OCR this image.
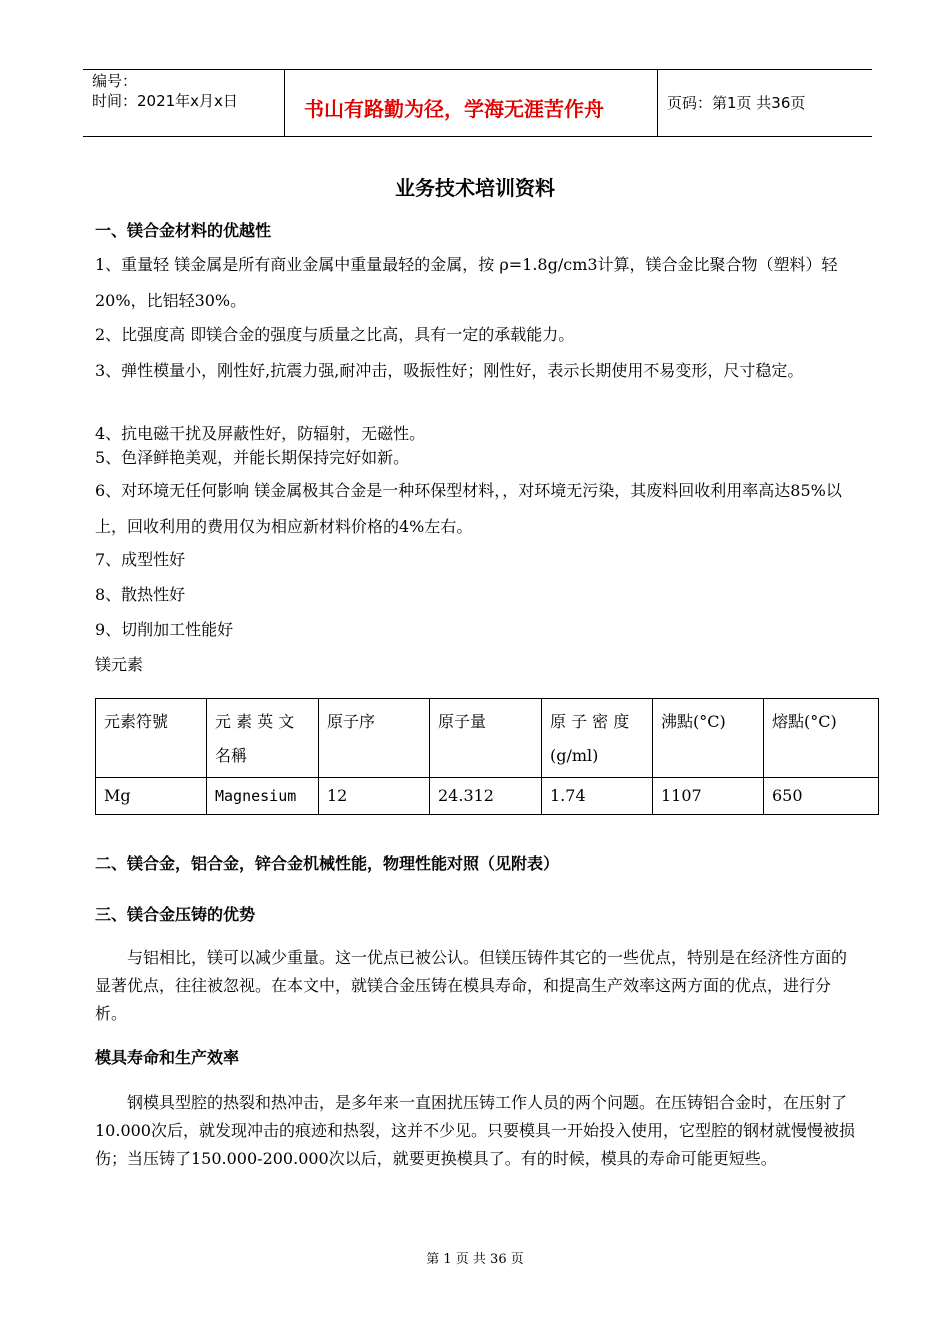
编号：
时间：2021年x月x日	书山有路勤为径，学海无涯苦作舟	页码：第1页 共36页
业务技术培训资料
一、镁合金材料的优越性
1、重量轻 镁金属是所有商业金属中重量最轻的金属，按 ρ=1.8g/cm3计算，镁合金比聚合物（塑料）轻20%，比铝轻30%。
2、比强度高 即镁合金的强度与质量之比高，具有一定的承载能力。
3、弹性模量小，刚性好,抗震力强,耐冲击，吸振性好；刚性好，表示长期使用不易变形，尺寸稳定。
4、抗电磁干扰及屏蔽性好，防辐射，无磁性。
5、色泽鲜艳美观，并能长期保持完好如新。
6、对环境无任何影响 镁金属极其合金是一种环保型材料，，对环境无污染，其废料回收利用率高达85%以上，回收利用的费用仅为相应新材料价格的4%左右。
7、成型性好
8、散热性好
9、切削加工性能好
镁元素
元素符號	元 素 英 文 名稱	原子序	原子量	原 子 密 度 (g/ml)	沸點(°C)	熔點(°C)
Mg	Magnesium	12	24.312	1.74	1107	650
二、镁合金，铝合金，锌合金机械性能，物理性能对照（见附表）
三、镁合金压铸的优势
与铝相比，镁可以减少重量。这一优点已被公认。但镁压铸件其它的一些优点，特别是在经济性方面的显著优点，往往被忽视。在本文中，就镁合金压铸在模具寿命，和提高生产效率这两方面的优点，进行分析。
模具寿命和生产效率
钢模具型腔的热裂和热冲击，是多年来一直困扰压铸工作人员的两个问题。在压铸铝合金时，在压射了10.000次后，就发现冲击的痕迹和热裂，这并不少见。只要模具一开始投入使用，它型腔的钢材就慢慢被损伤；当压铸了150.000-200.000次以后，就要更换模具了。有的时候，模具的寿命可能更短些。
第 1 页 共 36 页
